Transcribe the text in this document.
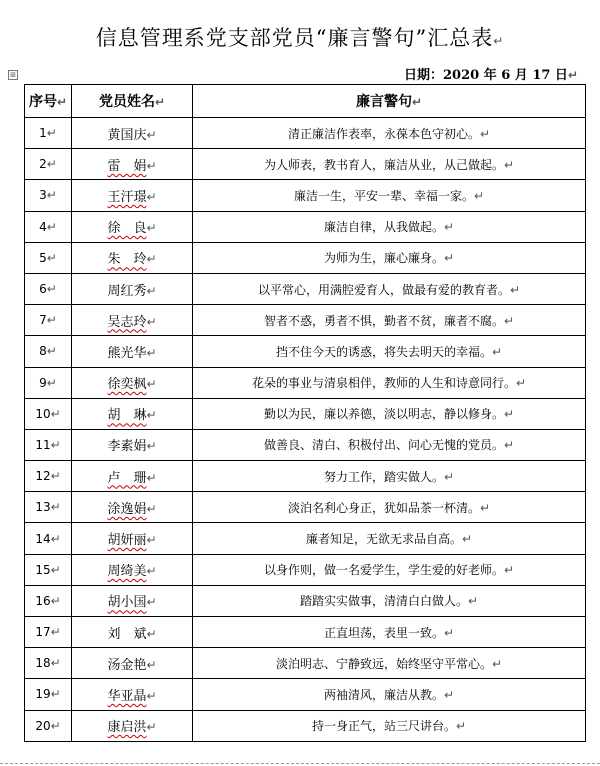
信息管理系党支部党员“廉言警句”汇总表↵
⊞	日期：2020 年 6 月 17 日↵
序号↵	党员姓名↵	廉言警句↵
1↵	黄国庆↵	清正廉洁作表率，永葆本色守初心。↵
2↵	雷　娟↵	为人师表，教书育人，廉洁从业，从己做起。↵
3↵	王汗璟↵	廉洁一生，平安一辈、幸福一家。↵
4↵	徐　良↵	廉洁自律，从我做起。↵
5↵	朱　玲↵	为师为生，廉心廉身。↵
6↵	周红秀↵	以平常心，用满腔爱育人，做最有爱的教育者。↵
7↵	吴志玲↵	智者不惑，勇者不惧，勤者不贫，廉者不腐。↵
8↵	熊光华↵	挡不住今天的诱惑，将失去明天的幸福。↵
9↵	徐奕枫↵	花朵的事业与清泉相伴，教师的人生和诗意同行。↵
10↵	胡　琳↵	勤以为民，廉以养德，淡以明志，静以修身。↵
11↵	李素娟↵	做善良、清白、积极付出、问心无愧的党员。↵
12↵	卢　珊↵	努力工作，踏实做人。↵
13↵	涂逸娟↵	淡泊名利心身正，犹如品茶一杯清。↵
14↵	胡妍丽↵	廉者知足，无欲无求品自高。↵
15↵	周绮美↵	以身作则，做一名爱学生，学生爱的好老师。↵
16↵	胡小国↵	踏踏实实做事，清清白白做人。↵
17↵	刘　斌↵	正直坦荡，表里一致。↵
18↵	汤金艳↵	淡泊明志、宁静致远，始终坚守平常心。↵
19↵	华亚晶↵	两袖清风，廉洁从教。↵
20↵	康启洪↵	持一身正气，站三尺讲台。↵
